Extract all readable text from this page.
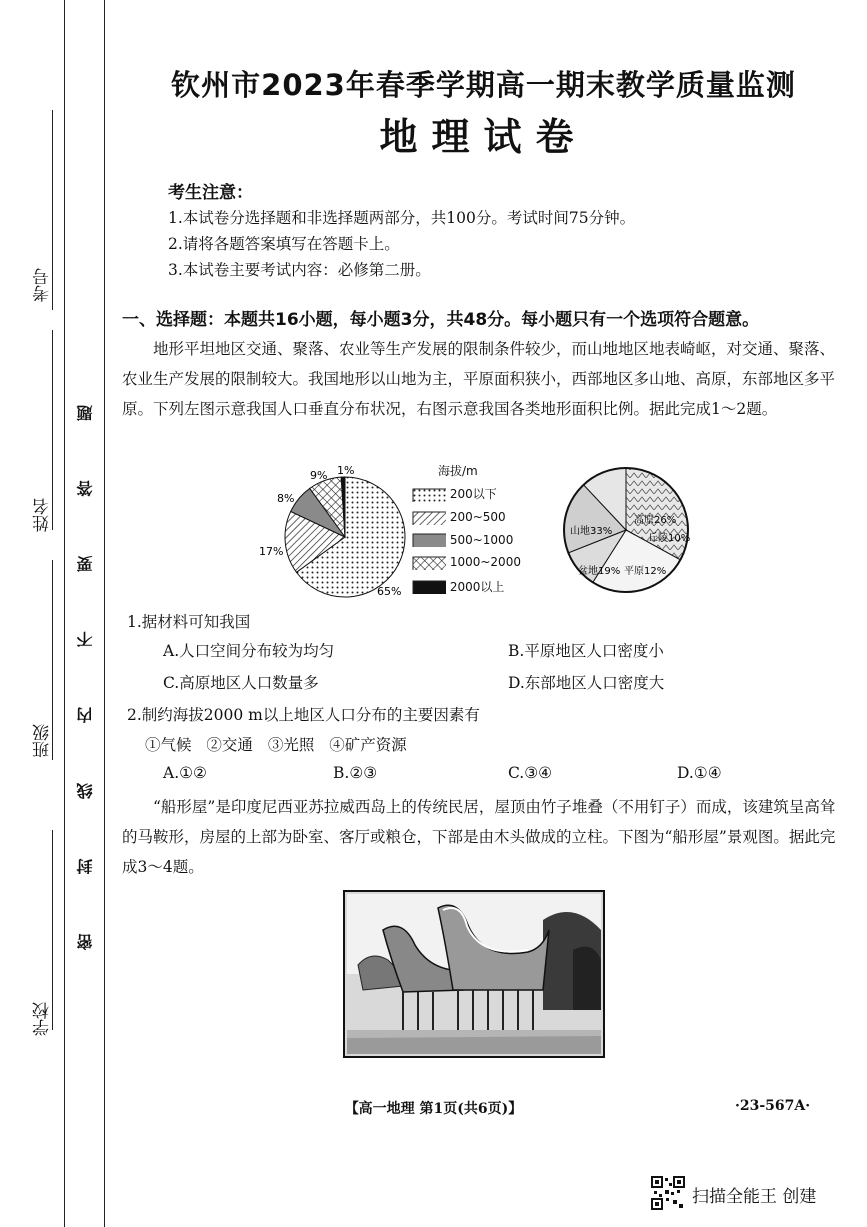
考号
姓名
班级
学校
密 封 线 内 不 要 答 题
钦州市2023年春季学期高一期末教学质量监测
地理试卷
考生注意：
1.本试卷分选择题和非选择题两部分，共100分。考试时间75分钟。
2.请将各题答案填写在答题卡上。
3.本试卷主要考试内容：必修第二册。
一、选择题：本题共16小题，每小题3分，共48分。每小题只有一个选项符合题意。
地形平坦地区交通、聚落、农业等生产发展的限制条件较少，而山地地区地表崎岖，对交通、聚落、农业生产发展的限制较大。我国地形以山地为主，平原面积狭小，西部地区多山地、高原，东部地区多平原。下列左图示意我国人口垂直分布状况，右图示意我国各类地形面积比例。据此完成1～2题。
65%
17%
8%
9% 1%	海拔/m
200以下
200~500
500~1000
1000~2000
2000以上
山地33%
高原26%
丘陵10%
盆地19% 平原12%
1.据材料可知我国
A.人口空间分布较为均匀	B.平原地区人口密度小
C.高原地区人口数量多	D.东部地区人口密度大
2.制约海拔2000 m以上地区人口分布的主要因素有
①气候 ②交通 ③光照 ④矿产资源
A.①②	B.②③	C.③④	D.①④
“船形屋”是印度尼西亚苏拉威西岛上的传统民居，屋顶由竹子堆叠（不用钉子）而成，该建筑呈高耸的马鞍形，房屋的上部为卧室、客厅或粮仓，下部是由木头做成的立柱。下图为“船形屋”景观图。据此完成3～4题。
【高一地理 第1页(共6页)】	·23-567A·
扫描全能王 创建
